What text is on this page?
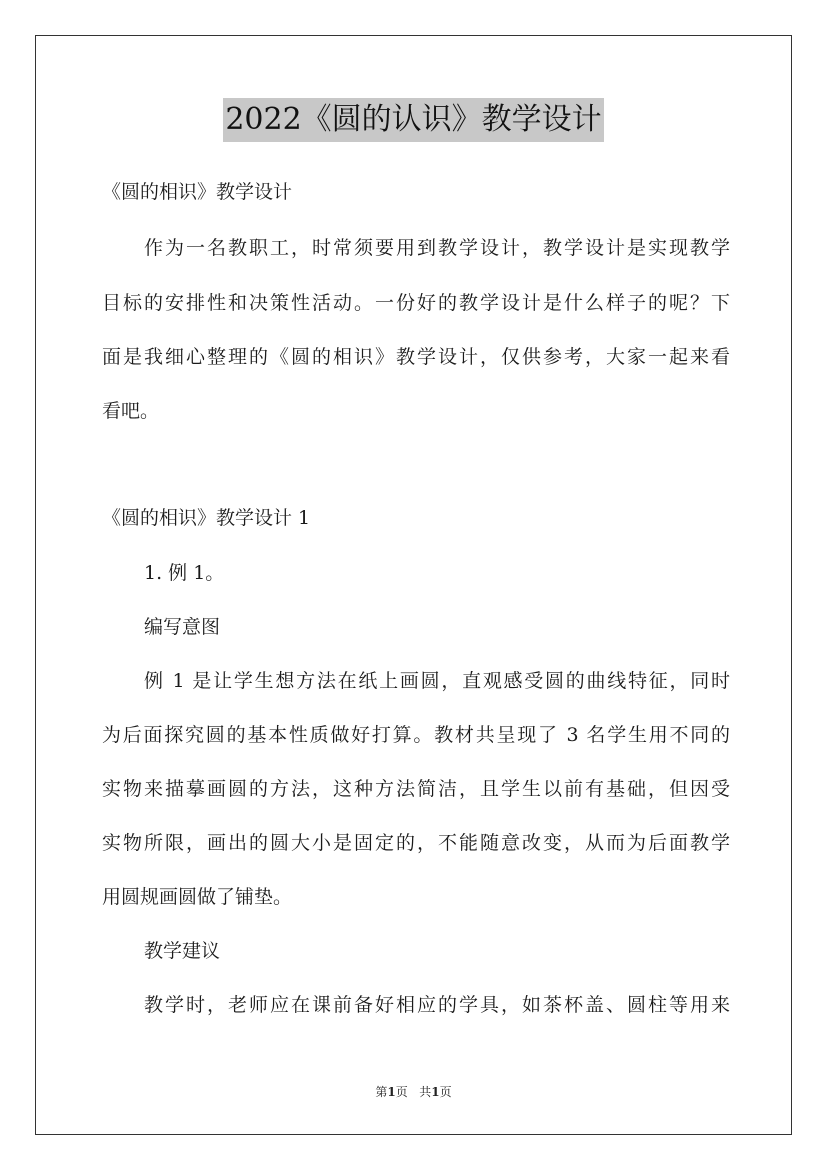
2022《圆的认识》教学设计
《圆的相识》教学设计
作为一名教职工，时常须要用到教学设计，教学设计是实现教学
目标的安排性和决策性活动。一份好的教学设计是什么样子的呢？下
面是我细心整理的《圆的相识》教学设计，仅供参考，大家一起来看
看吧。
《圆的相识》教学设计 1
1. 例 1。
编写意图
例 1 是让学生想方法在纸上画圆，直观感受圆的曲线特征，同时
为后面探究圆的基本性质做好打算。教材共呈现了 3 名学生用不同的
实物来描摹画圆的方法，这种方法简洁，且学生以前有基础，但因受
实物所限，画出的圆大小是固定的，不能随意改变，从而为后面教学
用圆规画圆做了铺垫。
教学建议
教学时，老师应在课前备好相应的学具，如茶杯盖、圆柱等用来
第1页 共1页
